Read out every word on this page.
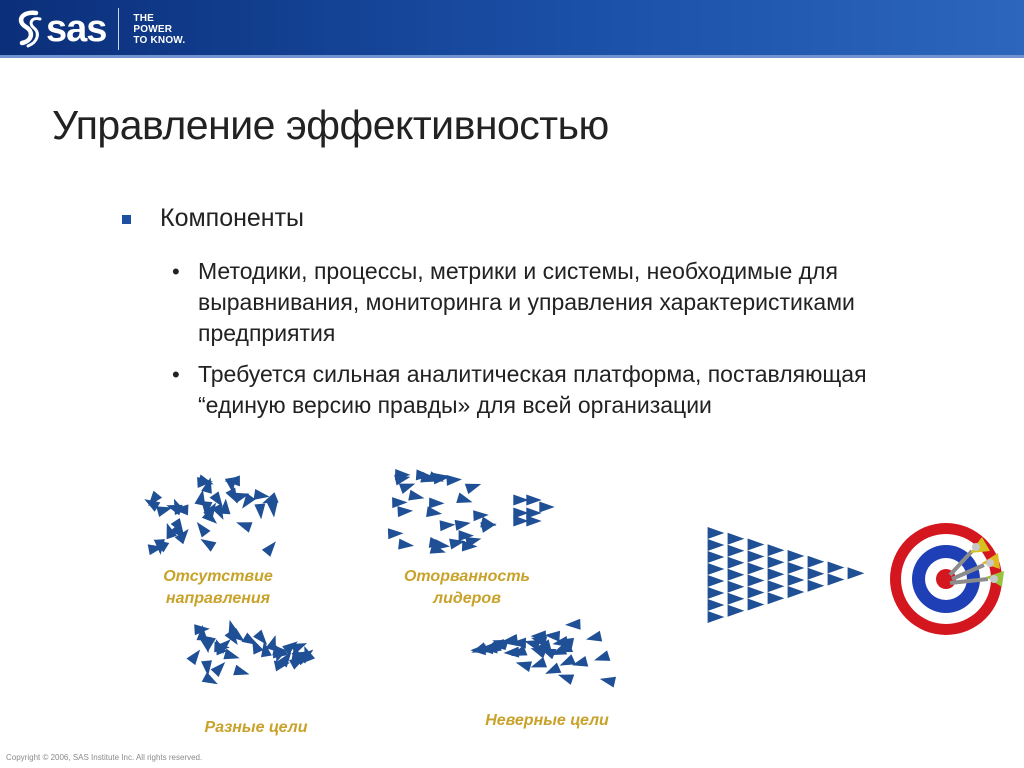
sas	THE
POWER
TO KNOW.
Управление эффективностью
Компоненты
• Методики, процессы, метрики и системы, необходимые для выравнивания, мониторинга и управления характеристиками предприятия
• Требуется сильная аналитическая платформа, поставляющая “единую версию правды» для всей организации
Отсутствие
направления
Оторванность
лидеров
Разные цели	Неверные цели
Copyright © 2006, SAS Institute Inc. All rights reserved.
